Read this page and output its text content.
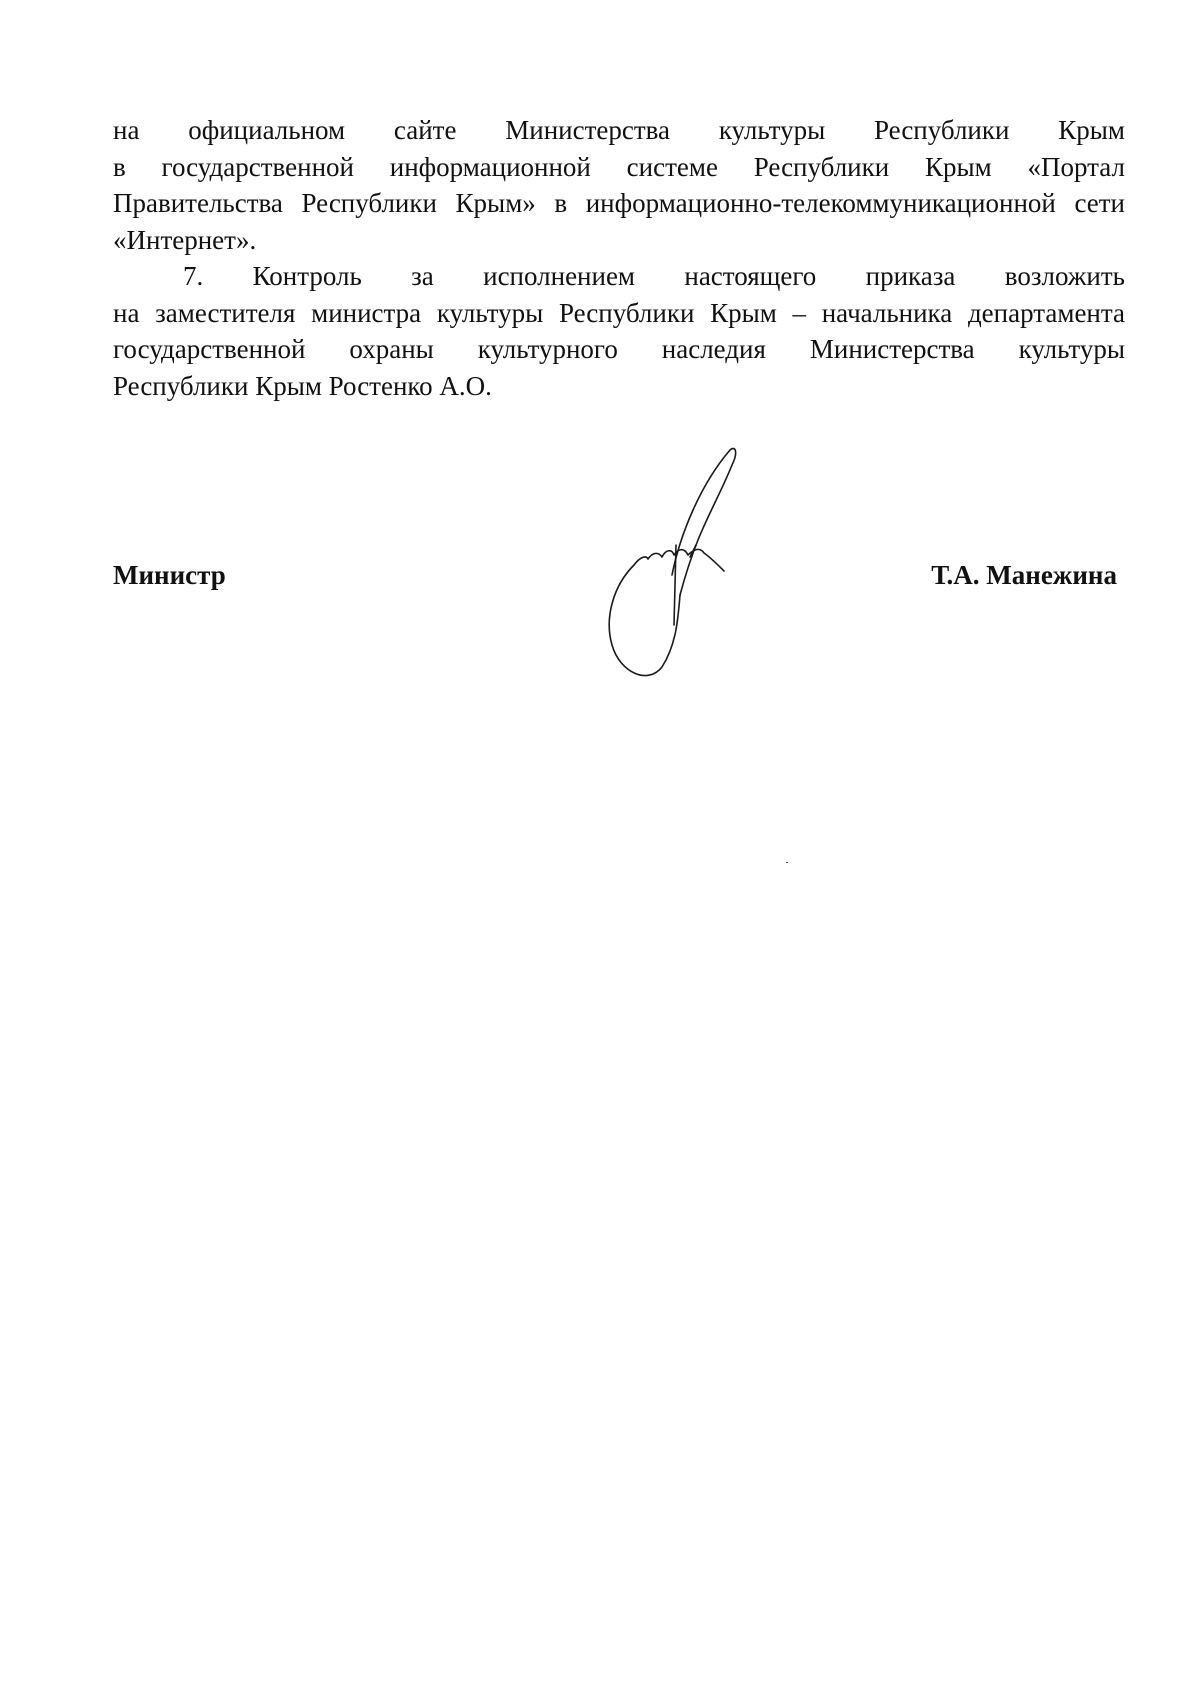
на официальном сайте Министерства культуры Республики Крым
в государственной информационной системе Республики Крым «Портал
Правительства Республики Крым» в информационно-телекоммуникационной сети
«Интернет».
7. Контроль за исполнением настоящего приказа возложить
на заместителя министра культуры Республики Крым – начальника департамента
государственной охраны культурного наследия Министерства культуры
Республики Крым Ростенко А.О.
Министр	Т.А. Манежина
